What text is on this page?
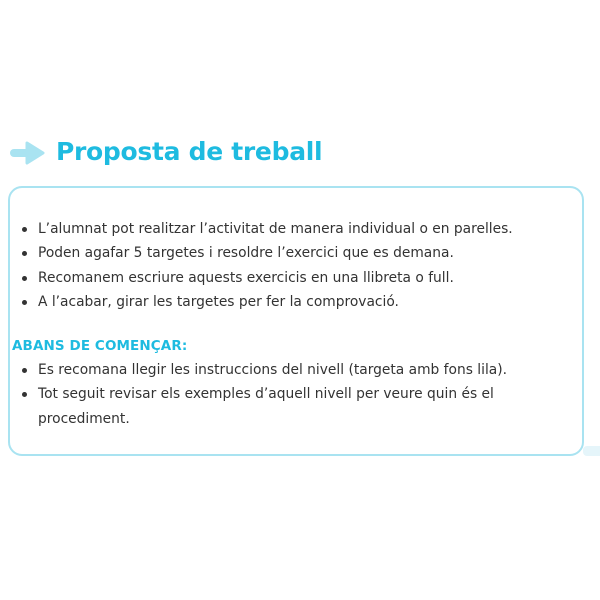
Proposta de treball
L’alumnat pot realitzar l’activitat de manera individual o en parelles.
Poden agafar 5 targetes i resoldre l’exercici que es demana.
Recomanem escriure aquests exercicis en una llibreta o full.
A l’acabar, girar les targetes per fer la comprovació.
ABANS DE COMENÇAR:
Es recomana llegir les instruccions del nivell (targeta amb fons lila).
Tot seguit revisar els exemples d’aquell nivell per veure quin és el procediment.
